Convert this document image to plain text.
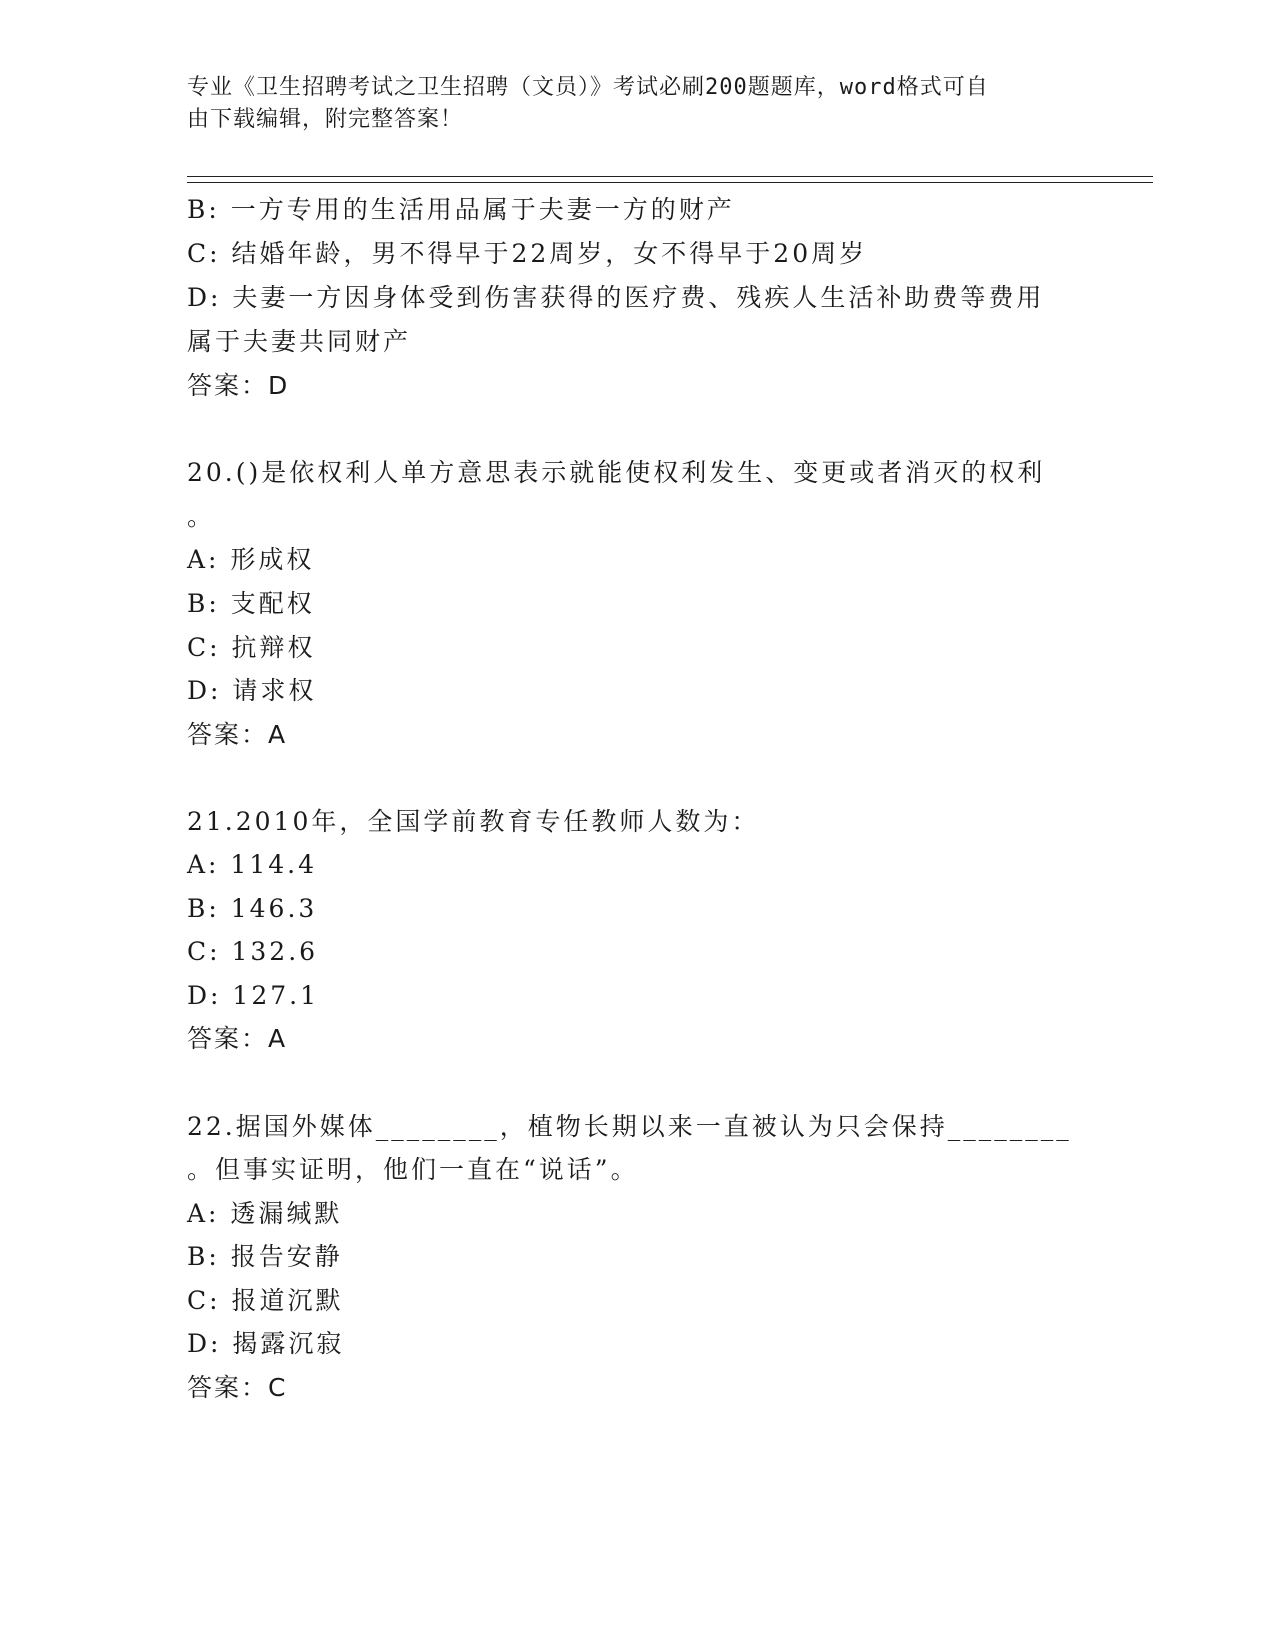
专业《卫生招聘考试之卫生招聘（文员）》考试必刷200题题库，word格式可自
由下载编辑，附完整答案！
B: 一方专用的生活用品属于夫妻一方的财产
C: 结婚年龄，男不得早于22周岁，女不得早于20周岁
D: 夫妻一方因身体受到伤害获得的医疗费、残疾人生活补助费等费用
属于夫妻共同财产
答案：D
20.()是依权利人单方意思表示就能使权利发生、变更或者消灭的权利
。
A: 形成权
B: 支配权
C: 抗辩权
D: 请求权
答案：A
21.2010年，全国学前教育专任教师人数为：
A: 114.4
B: 146.3
C: 132.6
D: 127.1
答案：A
22.据国外媒体________，植物长期以来一直被认为只会保持________
。但事实证明，他们一直在“说话”。
A: 透漏缄默
B: 报告安静
C: 报道沉默
D: 揭露沉寂
答案：C
